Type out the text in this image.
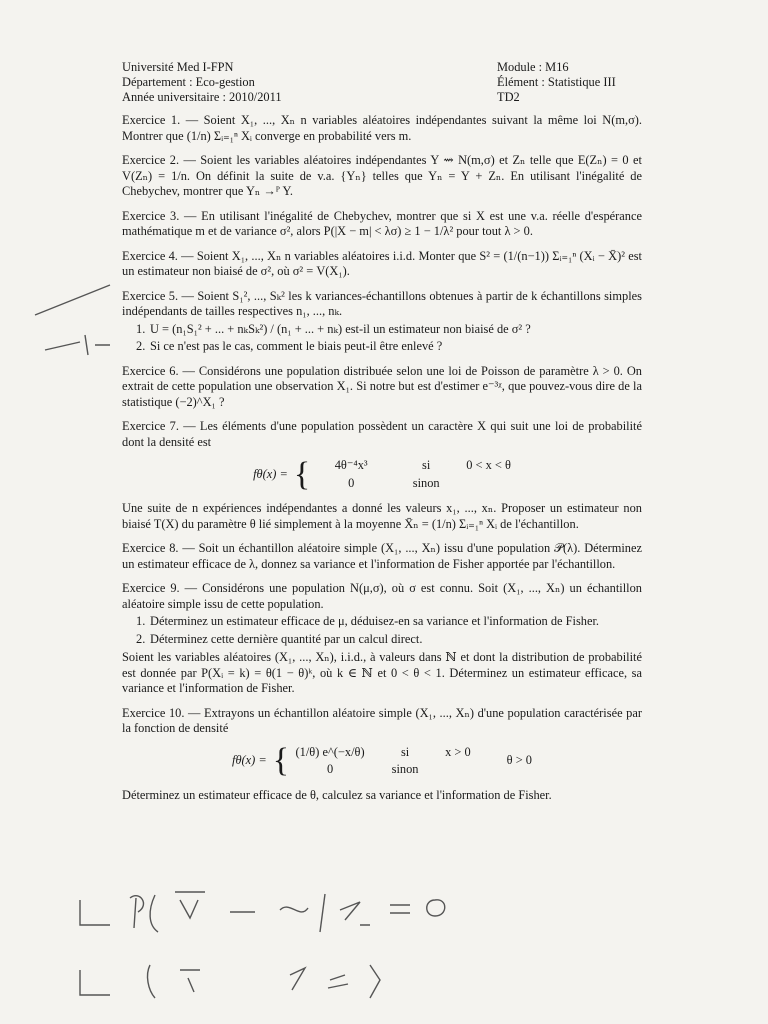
Université Med I-FPN
Département : Eco-gestion
Année universitaire : 2010/2011
Module : M16
Élément : Statistique III
TD2

Exercice 1. — Soient X₁, ..., Xₙ n variables aléatoires indépendantes suivant la même loi N(m,σ). Montrer que (1/n) Σᵢ₌₁ⁿ Xᵢ converge en probabilité vers m.

Exercice 2. — Soient les variables aléatoires indépendantes Y ⇝ N(m,σ) et Zₙ telle que E(Zₙ) = 0 et V(Zₙ) = 1/n. On définit la suite de v.a. {Yₙ} telles que Yₙ = Y + Zₙ. En utilisant l'inégalité de Chebychev, montrer que Yₙ →ᴾ Y.

Exercice 3. — En utilisant l'inégalité de Chebychev, montrer que si X est une v.a. réelle d'espérance mathématique m et de variance σ², alors P(|X − m| < λσ) ≥ 1 − 1/λ² pour tout λ > 0.

Exercice 4. — Soient X₁, ..., Xₙ n variables aléatoires i.i.d. Monter que S² = (1/(n−1)) Σᵢ₌₁ⁿ (Xᵢ − X̄)² est un estimateur non biaisé de σ², où σ² = V(X₁).

Exercice 5. — Soient S₁², ..., Sₖ² les k variances-échantillons obtenues à partir de k échantillons simples indépendants de tailles respectives n₁, ..., nₖ.
1. U = (n₁S₁² + ... + nₖSₖ²) / (n₁ + ... + nₖ) est-il un estimateur non biaisé de σ² ?
2. Si ce n'est pas le cas, comment le biais peut-il être enlevé ?

Exercice 6. — Considérons une population distribuée selon une loi de Poisson de paramètre λ > 0. On extrait de cette population une observation X₁. Si notre but est d'estimer e⁻³ᵡ, que pouvez-vous dire de la statistique (−2)^X₁ ?

Exercice 7. — Les éléments d'une population possèdent un caractère X qui suit une loi de probabilité dont la densité est
fθ(x) = {	4θ⁻⁴x³	si	0 < x < θ
0	sinon
Une suite de n expériences indépendantes a donné les valeurs x₁, ..., xₙ. Proposer un estimateur non biaisé T(X) du paramètre θ lié simplement à la moyenne X̄ₙ = (1/n) Σᵢ₌₁ⁿ Xᵢ de l'échantillon.

Exercice 8. — Soit un échantillon aléatoire simple (X₁, ..., Xₙ) issu d'une population 𝒫(λ). Déterminez un estimateur efficace de λ, donnez sa variance et l'information de Fisher apportée par l'échantillon.

Exercice 9. — Considérons une population N(μ,σ), où σ est connu. Soit (X₁, ..., Xₙ) un échantillon aléatoire simple issu de cette population.
1. Déterminez un estimateur efficace de μ, déduisez-en sa variance et l'information de Fisher.
2. Déterminez cette dernière quantité par un calcul direct.
Soient les variables aléatoires (X₁, ..., Xₙ), i.i.d., à valeurs dans ℕ et dont la distribution de probabilité est donnée par P(Xᵢ = k) = θ(1 − θ)ᵏ, où k ∈ ℕ et 0 < θ < 1. Déterminez un estimateur efficace, sa variance et l'information de Fisher.
Exercice 10. — Extrayons un échantillon aléatoire simple (X₁, ..., Xₙ) d'une population caractérisée par la fonction de densité
fθ(x) = { (1/θ) e^(−x/θ)	si	x > 0
0	sinon
θ > 0
Déterminez un estimateur efficace de θ, calculez sa variance et l'information de Fisher.
